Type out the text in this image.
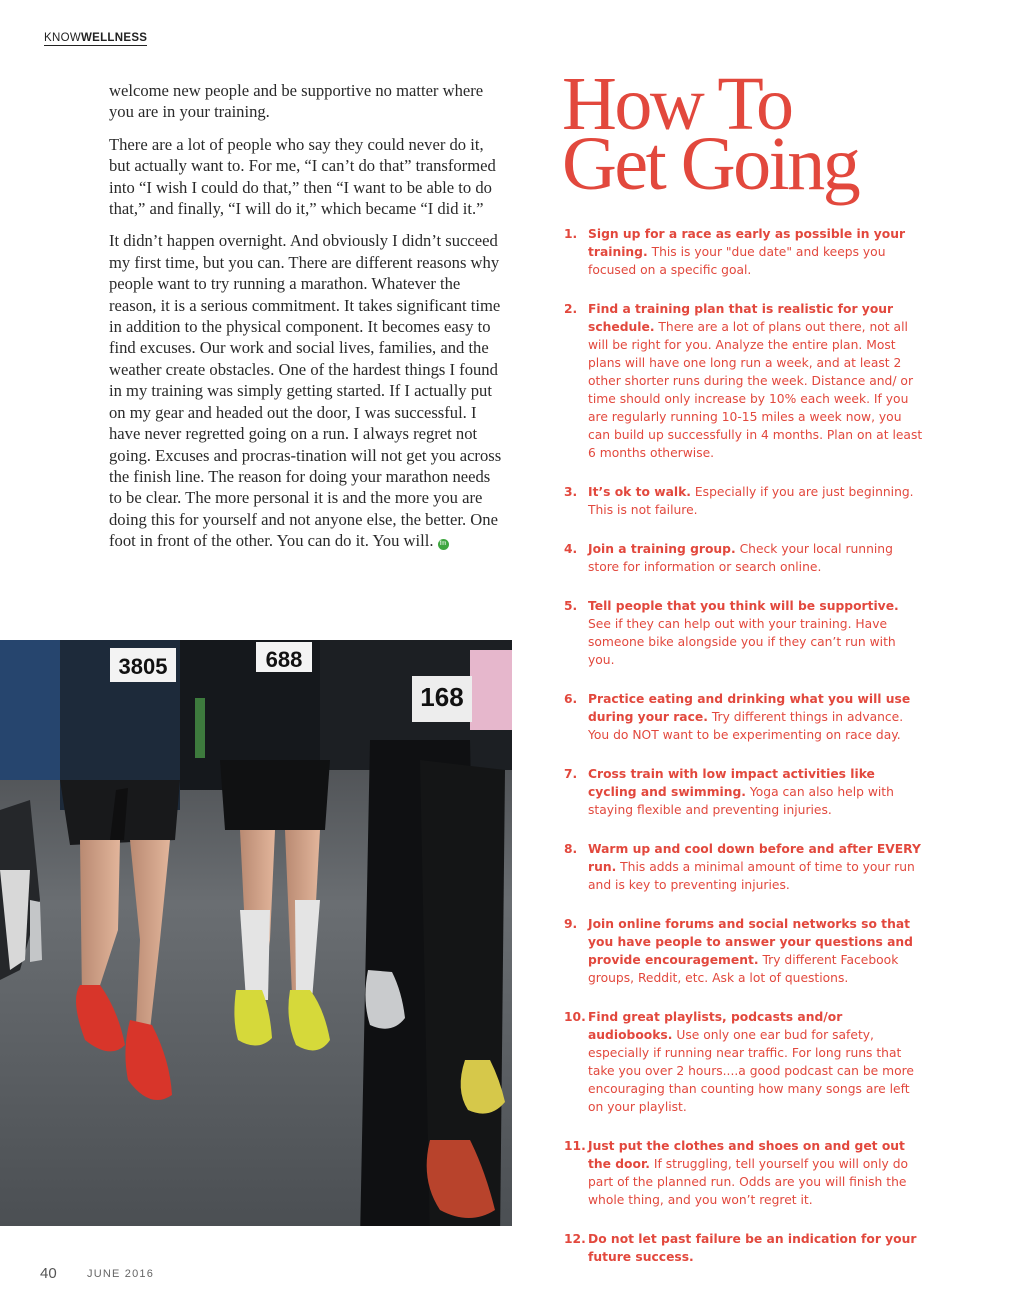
KNOWWELLNESS

welcome new people and be supportive no matter where you are in your training.

There are a lot of people who say they could never do it, but actually want to. For me, “I can’t do that” transformed into “I wish I could do that,” then “I want to be able to do that,” and finally, “I will do it,” which became “I did it.”

It didn’t happen overnight. And obviously I didn’t succeed my first time, but you can. There are different reasons why people want to try running a marathon. Whatever the reason, it is a serious commitment. It takes significant time in addition to the physical component. It becomes easy to find excuses. Our work and social lives, families, and the weather create obstacles. One of the hardest things I found in my training was simply getting started. If I actually put on my gear and headed out the door, I was successful. I have never regretted going on a run. I always regret not going. Excuses and procras-tination will not get you across the finish line. The reason for doing your marathon needs to be clear. The more personal it is and the more you are doing this for yourself and not anyone else, the better. One foot in front of the other. You can do it. You will. fm

3805	688
168
How To
Get Going
1. Sign up for a race as early as possible in your training. This is your "due date" and keeps you focused on a specific goal.
2. Find a training plan that is realistic for your schedule. There are a lot of plans out there, not all will be right for you. Analyze the entire plan. Most plans will have one long run a week, and at least 2 other shorter runs during the week. Distance and/ or time should only increase by 10% each week. If you are regularly running 10-15 miles a week now, you can build up successfully in 4 months. Plan on at least 6 months otherwise.
3. It’s ok to walk. Especially if you are just beginning. This is not failure.
4. Join a training group. Check your local running store for information or search online.
5. Tell people that you think will be supportive. See if they can help out with your training. Have someone bike alongside you if they can’t run with you.
6. Practice eating and drinking what you will use during your race. Try different things in advance. You do NOT want to be experimenting on race day.
7. Cross train with low impact activities like cycling and swimming. Yoga can also help with staying flexible and preventing injuries.
8. Warm up and cool down before and after EVERY run. This adds a minimal amount of time to your run and is key to preventing injuries.
9. Join online forums and social networks so that you have people to answer your questions and provide encouragement. Try different Facebook groups, Reddit, etc. Ask a lot of questions.
10. Find great playlists, podcasts and/or audiobooks. Use only one ear bud for safety, especially if running near traffic. For long runs that take you over 2 hours....a good podcast can be more encouraging than counting how many songs are left on your playlist.
11. Just put the clothes and shoes on and get out the door. If struggling, tell yourself you will only do part of the planned run. Odds are you will finish the whole thing, and you won’t regret it.
12. Do not let past failure be an indication for your future success.
40	JUNE 2016
